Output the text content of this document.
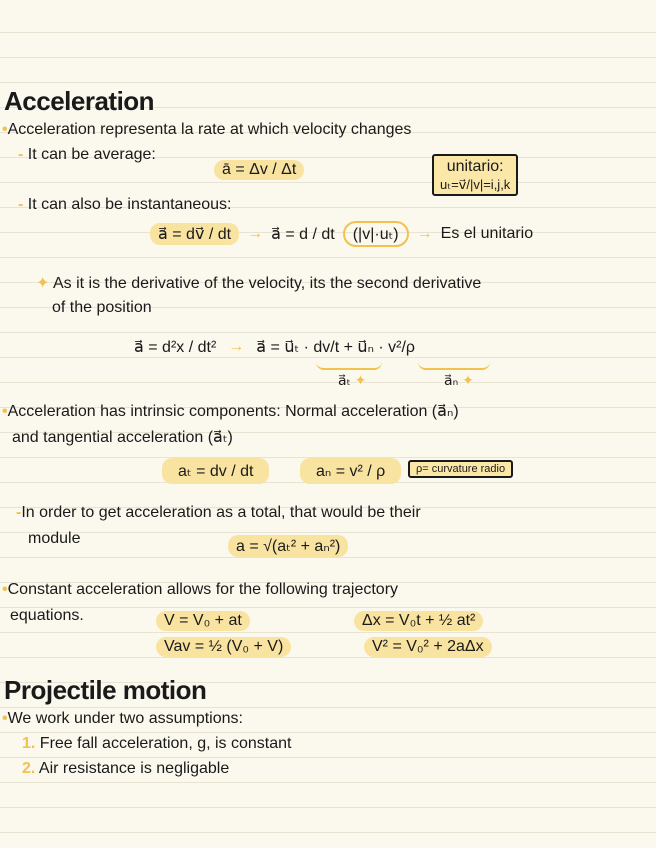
Acceleration
•Acceleration representa la rate at which velocity changes
- It can be average:
ā = Δv / Δt	unitario:
uₜ=v⃗/|v|=i,j,k
- It can also be instantaneous:
a⃗ = dv⃗ / dt	→ a⃗ = d / dt	(|v|·uₜ)	→ Es el unitario
✦ As it is the derivative of the velocity, its the second derivative
of the position
a⃗ = d²x / dt² → a⃗ = u⃗ₜ · dv/t + u⃗ₙ · v²/ρ
a⃗ₜ ✦	a⃗ₙ ✦
•Acceleration has intrinsic components: Normal acceleration (a⃗ₙ)
and tangential acceleration (a⃗ₜ)
aₜ = dv / dt	aₙ = v² / ρ	ρ= curvature radio
-In order to get acceleration as a total, that would be their
module	a = √(aₜ² + aₙ²)
•Constant acceleration allows for the following trajectory
equations.	V = V₀ + at	Δx = V₀t + ½ at²
Vav = ½ (V₀ + V)	V² = V₀² + 2aΔx
Projectile motion
•We work under two assumptions:
1. Free fall acceleration, g, is constant
2. Air resistance is negligable
